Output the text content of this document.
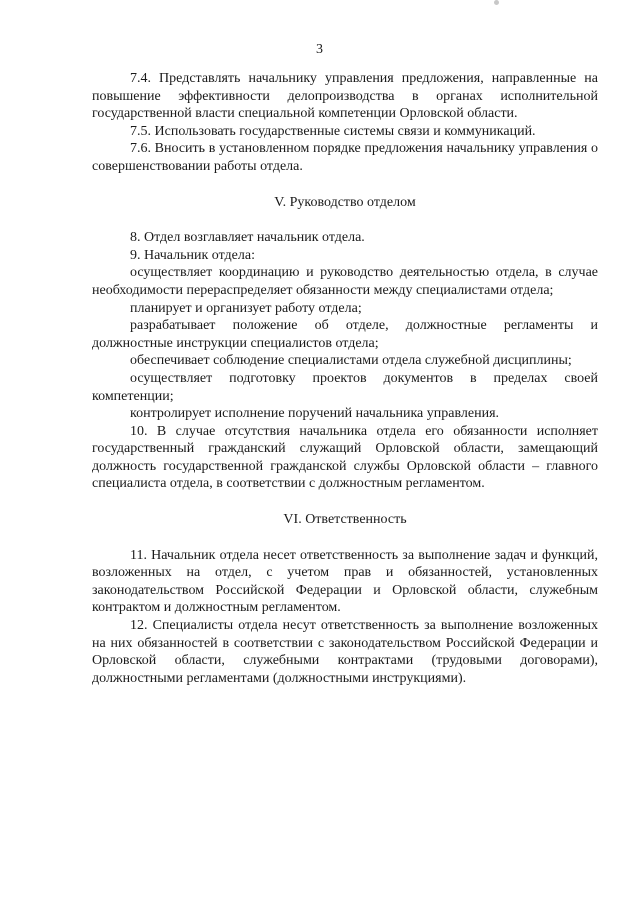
3

7.4. Представлять начальнику управления предложения, направленные на повышение эффективности делопроизводства в органах исполнительной государственной власти специальной компетенции Орловской области.

7.5. Использовать государственные системы связи и коммуникаций.

7.6. Вносить в установленном порядке предложения начальнику управления о совершенствовании работы отдела.

V. Руководство отделом

8. Отдел возглавляет начальник отдела.

9. Начальник отдела:

осуществляет координацию и руководство деятельностью отдела, в случае необходимости перераспределяет обязанности между специалистами отдела;

планирует и организует работу отдела;

разрабатывает положение об отделе, должностные регламенты и должностные инструкции специалистов отдела;

обеспечивает соблюдение специалистами отдела служебной дисциплины;

осуществляет подготовку проектов документов в пределах своей компетенции;

контролирует исполнение поручений начальника управления.

10. В случае отсутствия начальника отдела его обязанности исполняет государственный гражданский служащий Орловской области, замещающий должность государственной гражданской службы Орловской области – главного специалиста отдела, в соответствии с должностным регламентом.

VI. Ответственность

11. Начальник отдела несет ответственность за выполнение задач и функций, возложенных на отдел, с учетом прав и обязанностей, установленных законодательством Российской Федерации и Орловской области, служебным контрактом и должностным регламентом.

12. Специалисты отдела несут ответственность за выполнение возложенных на них обязанностей в соответствии с законодательством Российской Федерации и Орловской области, служебными контрактами (трудовыми договорами), должностными регламентами (должностными инструкциями).
